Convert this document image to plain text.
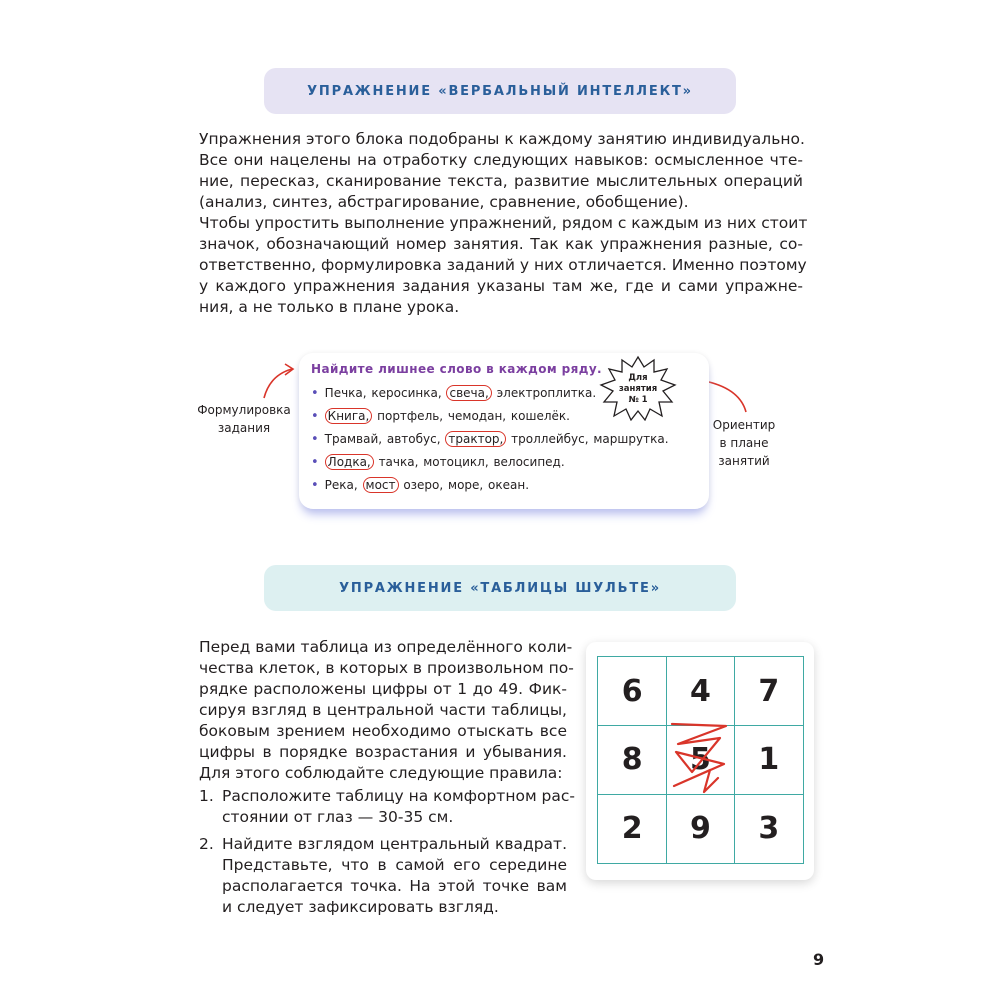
УПРАЖНЕНИЕ «ВЕРБАЛЬНЫЙ ИНТЕЛЛЕКТ»
Упражнения этого блока подобраны к каждому занятию индивидуально.
Все они нацелены на отработку следующих навыков: осмысленное чте-
ние, пересказ, сканирование текста, развитие мыслительных операций
(анализ, синтез, абстрагирование, сравнение, обобщение).
Чтобы упростить выполнение упражнений, рядом с каждым из них стоит
значок, обозначающий номер занятия. Так как упражнения разные, со-
ответственно, формулировка заданий у них отличается. Именно поэтому
у каждого упражнения задания указаны там же, где и сами упражне-
ния, а не только в плане урока.
Формулировка
задания	Ориентир
в плане
занятий
Найдите лишнее слово в каждом ряду.
• Печка, керосинка, свеча, электроплитка.
• Книга, портфель, чемодан, кошелёк.
• Трамвай, автобус, трактор, троллейбус, маршрутка.
• Лодка, тачка, мотоцикл, велосипед.
• Река, мост озеро, море, океан.
Для
занятия
№ 1
УПРАЖНЕНИЕ «ТАБЛИЦЫ ШУЛЬТЕ»
Перед вами таблица из определённого коли-
чества клеток, в которых в произвольном по-
рядке расположены цифры от 1 до 49. Фик-
сируя взгляд в центральной части таблицы,
боковым зрением необходимо отыскать все
цифры в порядке возрастания и убывания.
Для этого соблюдайте следующие правила:
1. Расположите таблицу на комфортном рас-
стоянии от глаз — 30-35 см.
2. Найдите взглядом центральный квадрат.
Представьте, что в самой его середине
располагается точка. На этой точке вам
и следует зафиксировать взгляд.
6	4	7
8	5	1
2	9	3
9
